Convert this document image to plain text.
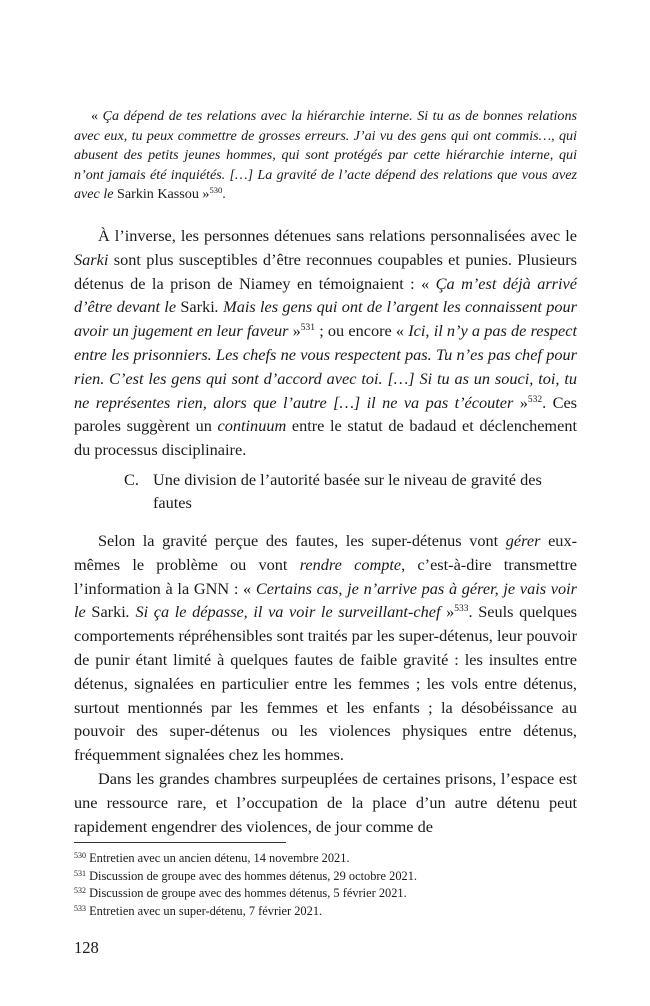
« Ça dépend de tes relations avec la hiérarchie interne. Si tu as de bonnes relations avec eux, tu peux commettre de grosses erreurs. J’ai vu des gens qui ont commis…, qui abusent des petits jeunes hommes, qui sont protégés par cette hiérarchie interne, qui n’ont jamais été inquiétés. […] La gravité de l’acte dépend des relations que vous avez avec le Sarkin Kassou »$^{530}$.

À l’inverse, les personnes détenues sans relations personnalisées avec le Sarki sont plus susceptibles d’être reconnues coupables et punies. Plusieurs détenus de la prison de Niamey en témoignaient : « Ça m’est déjà arrivé d’être devant le Sarki. Mais les gens qui ont de l’argent les connaissent pour avoir un jugement en leur faveur »$^{531}$ ; ou encore « Ici, il n’y a pas de respect entre les prisonniers. Les chefs ne vous respectent pas. Tu n’es pas chef pour rien. C’est les gens qui sont d’accord avec toi. […] Si tu as un souci, toi, tu ne représentes rien, alors que l’autre […] il ne va pas t’écouter »$^{532}$. Ces paroles suggèrent un continuum entre le statut de badaud et déclenchement du processus disciplinaire.

C. Une division de l’autorité basée sur le niveau de gravité des fautes

Selon la gravité perçue des fautes, les super-détenus vont gérer eux-mêmes le problème ou vont rendre compte, c’est-à-dire transmettre l’information à la GNN : « Certains cas, je n’arrive pas à gérer, je vais voir le Sarki. Si ça le dépasse, il va voir le surveillant-chef »$^{533}$. Seuls quelques comportements répréhensibles sont traités par les super-détenus, leur pouvoir de punir étant limité à quelques fautes de faible gravité : les insultes entre détenus, signalées en particulier entre les femmes ; les vols entre détenus, surtout mentionnés par les femmes et les enfants ; la désobéissance au pouvoir des super-détenus ou les violences physiques entre détenus, fréquemment signalées chez les hommes.

Dans les grandes chambres surpeuplées de certaines prisons, l’espace est une ressource rare, et l’occupation de la place d’un autre détenu peut rapidement engendrer des violences, de jour comme de

$^{530}$ Entretien avec un ancien détenu, 14 novembre 2021.
$^{531}$ Discussion de groupe avec des hommes détenus, 29 octobre 2021.
$^{532}$ Discussion de groupe avec des hommes détenus, 5 février 2021.
$^{533}$ Entretien avec un super-détenu, 7 février 2021.
128
